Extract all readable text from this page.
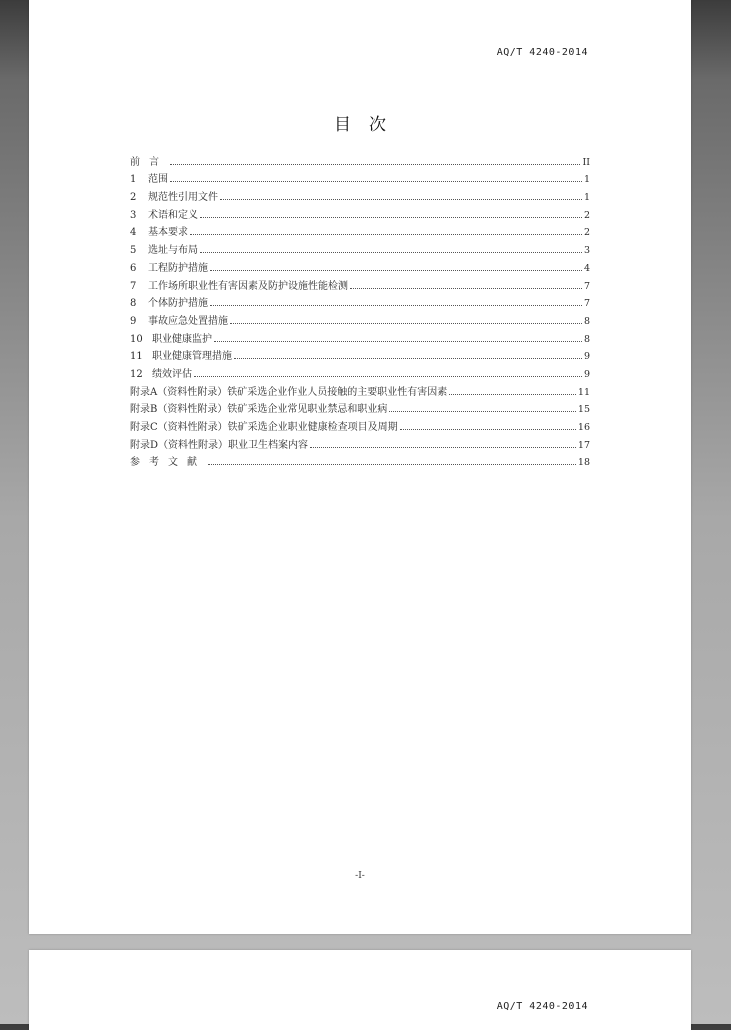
AQ/T 4240-2014
目次
前言	II
1	范围	1
2	规范性引用文件	1
3	术语和定义	2
4	基本要求	2
5	选址与布局	3
6	工程防护措施	4
7	工作场所职业性有害因素及防护设施性能检测	7
8	个体防护措施	7
9	事故应急处置措施	8
10 职业健康监护	8
11 职业健康管理措施	9
12 绩效评估	9
附录A（资料性附录）铁矿采选企业作业人员接触的主要职业性有害因素	11
附录B（资料性附录）铁矿采选企业常见职业禁忌和职业病	15
附录C（资料性附录）铁矿采选企业职业健康检查项目及周期	16
附录D（资料性附录）职业卫生档案内容	17
参考文献	18
-I-
AQ/T 4240-2014
